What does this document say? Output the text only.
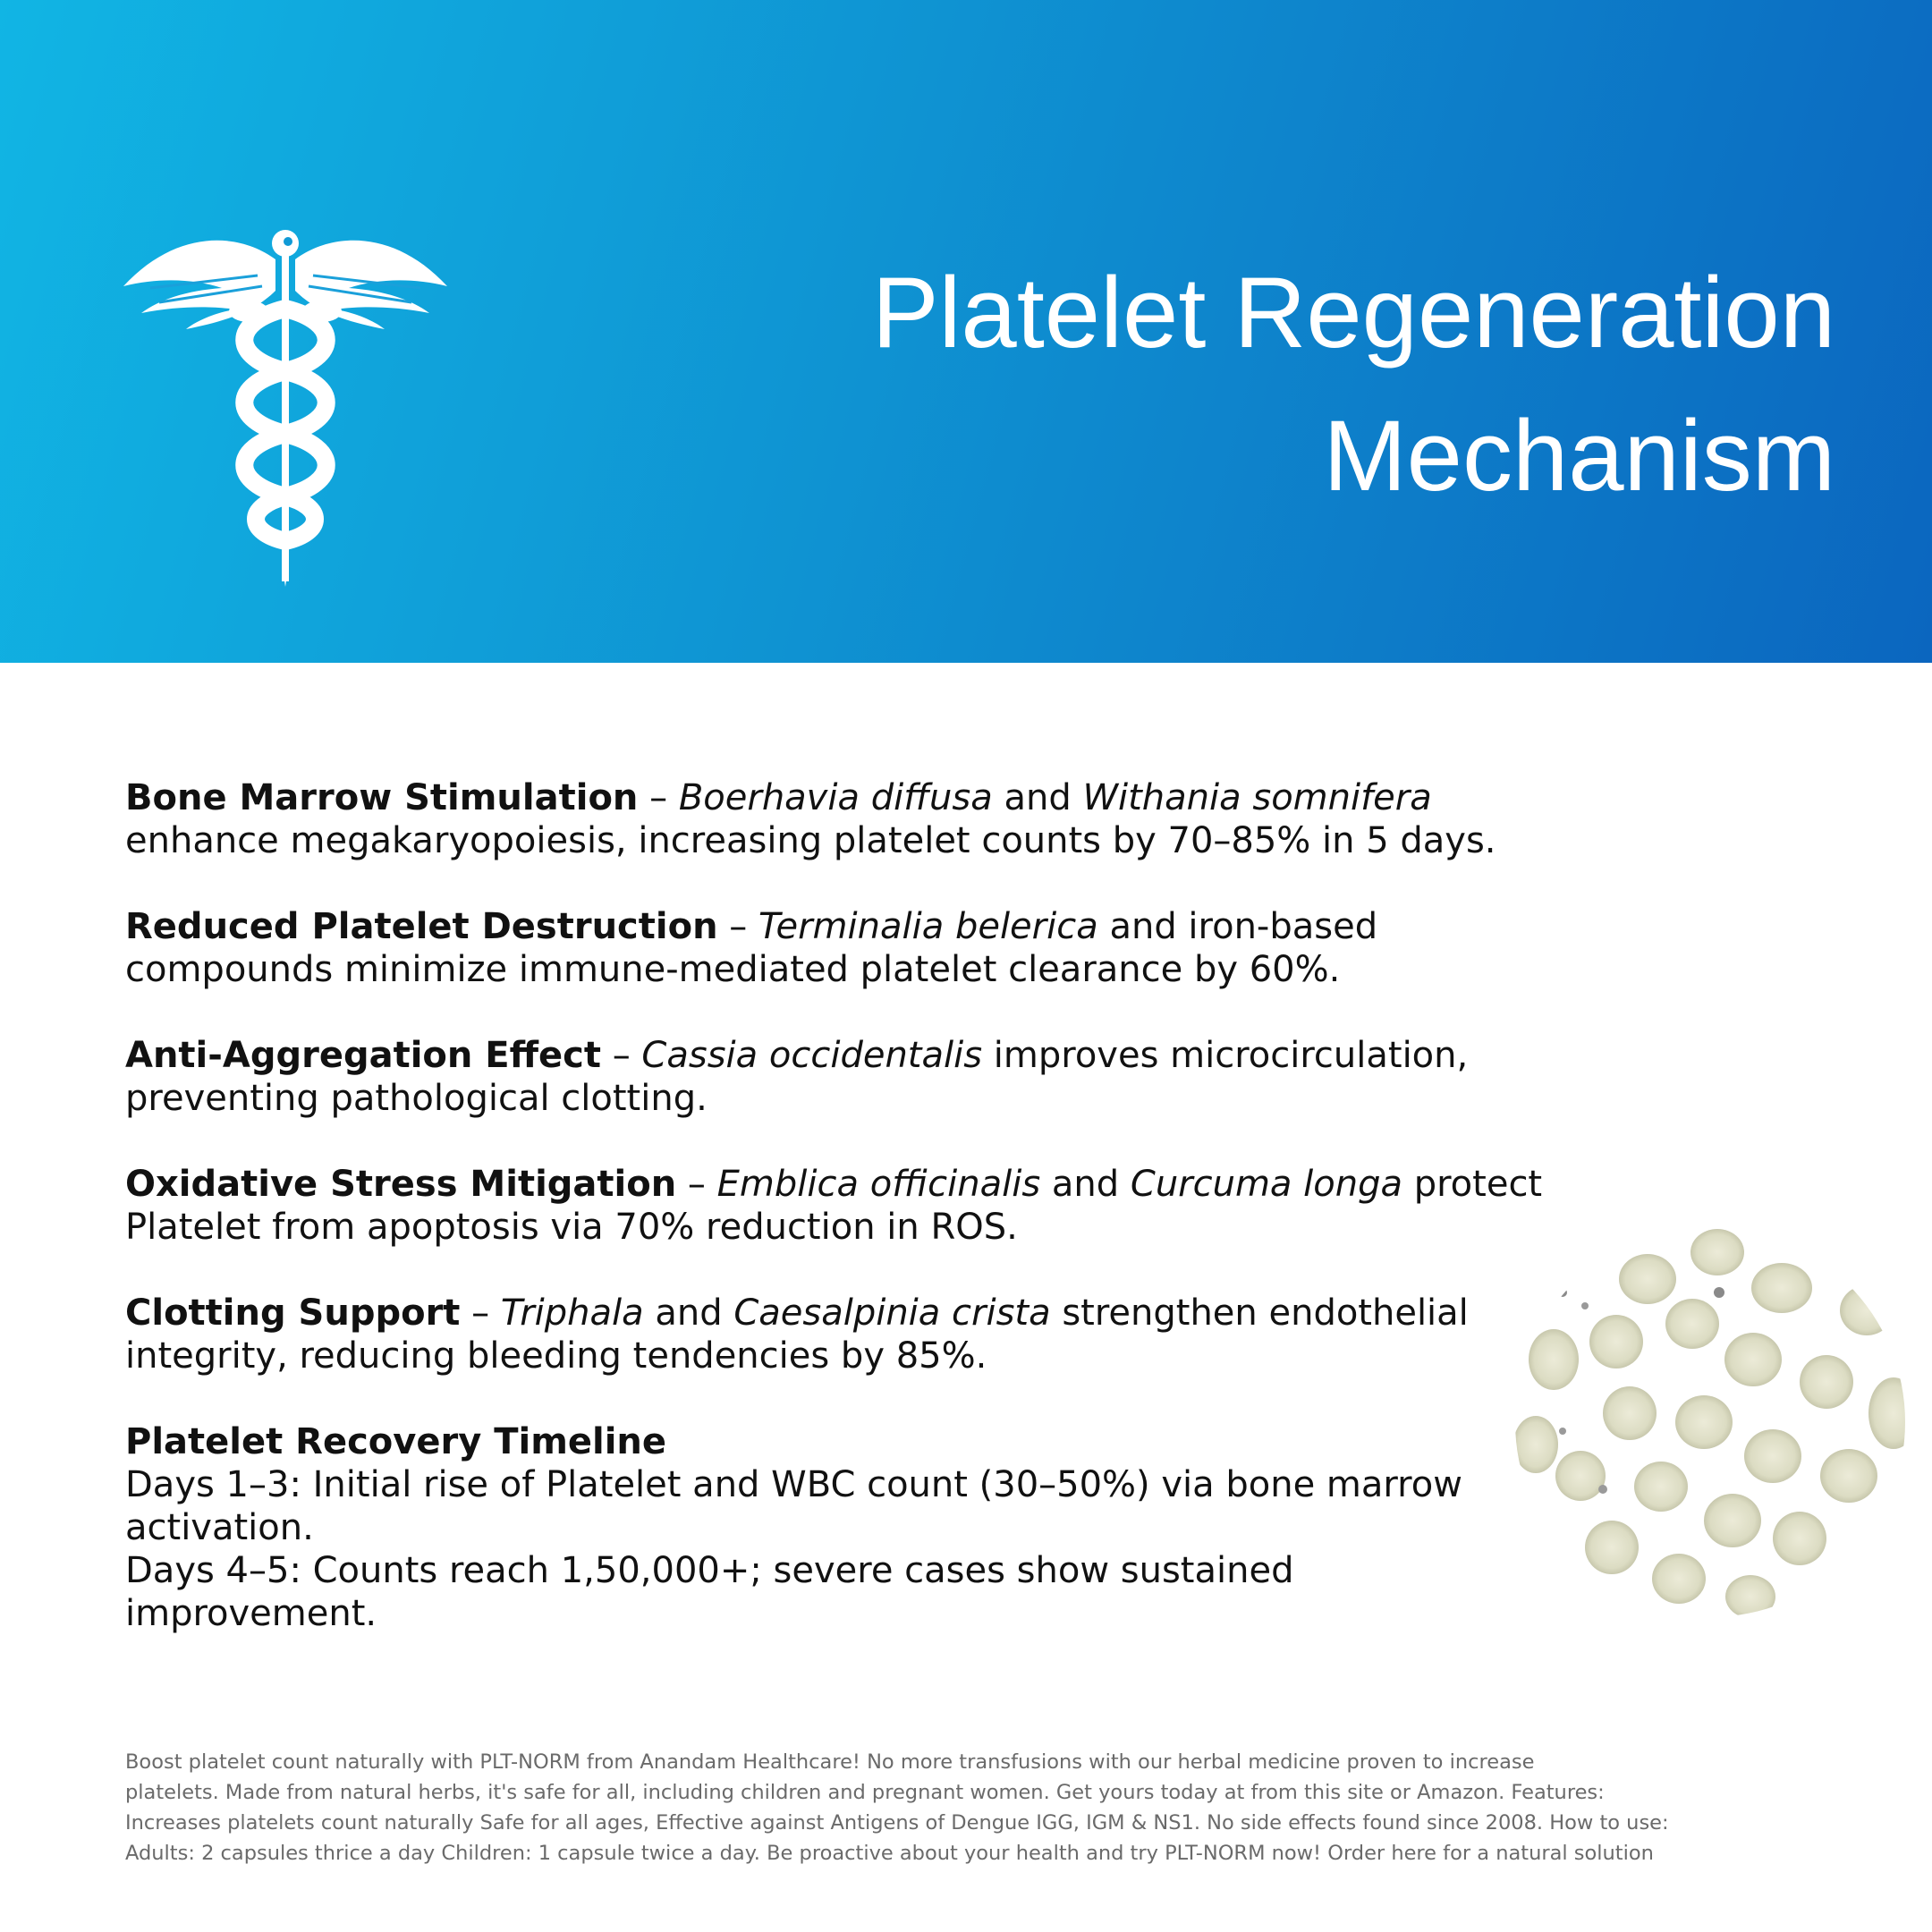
Platelet Regeneration
Mechanism

Bone Marrow Stimulation – Boerhavia diffusa and Withania somnifera
enhance megakaryopoiesis, increasing platelet counts by 70–85% in 5 days.

Reduced Platelet Destruction – Terminalia belerica and iron-based
compounds minimize immune-mediated platelet clearance by 60%.

Anti-Aggregation Effect – Cassia occidentalis improves microcirculation,
preventing pathological clotting.

Oxidative Stress Mitigation – Emblica officinalis and Curcuma longa protect
Platelet from apoptosis via 70% reduction in ROS.

Clotting Support – Triphala and Caesalpinia crista strengthen endothelial
integrity, reducing bleeding tendencies by 85%.

Platelet Recovery Timeline
Days 1–3: Initial rise of Platelet and WBC count (30–50%) via bone marrow
activation.
Days 4–5: Counts reach 1,50,000+; severe cases show sustained improvement.

Boost platelet count naturally with PLT-NORM from Anandam Healthcare! No more transfusions with our herbal medicine proven to increase
platelets. Made from natural herbs, it's safe for all, including children and pregnant women. Get yours today at from this site or Amazon. Features:
Increases platelets count naturally Safe for all ages, Effective against Antigens of Dengue IGG, IGM & NS1. No side effects found since 2008. How to use:
Adults: 2 capsules thrice a day Children: 1 capsule twice a day. Be proactive about your health and try PLT-NORM now! Order here for a natural solution
